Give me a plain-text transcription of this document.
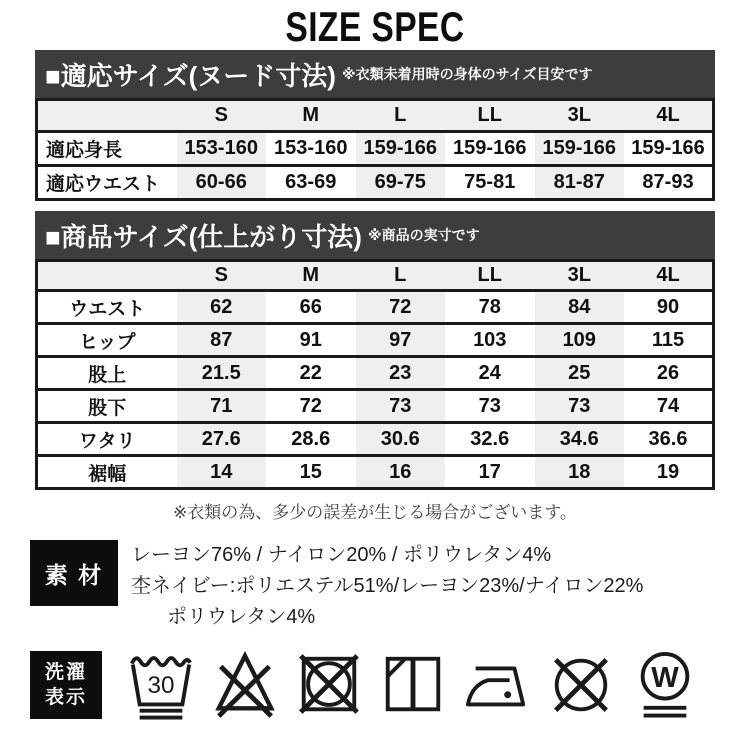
SIZE SPEC
■適応サイズ(ヌード寸法) ※衣類未着用時の身体のサイズ目安です
	S	M	L	LL	3L	4L
適応身長	153-160	153-160	159-166	159-166	159-166	159-166
適応ウエスト	60-66	63-69	69-75	75-81	81-87	87-93
■商品サイズ(仕上がり寸法) ※商品の実寸です
	S	M	L	LL	3L	4L
ウエスト	62	66	72	78	84	90
ヒップ	87	91	97	103	109	115
股上	21.5	22	23	24	25	26
股下	71	72	73	73	73	74
ワタリ	27.6	28.6	30.6	32.6	34.6	36.6
裾幅	14	15	16	17	18	19
※衣類の為、多少の誤差が生じる場合がございます。
素 材
レーヨン76% / ナイロン20% / ポリウレタン4%
杢ネイビー:ポリエステル51%/レーヨン23%/ナイロン22%
ポリウレタン4%
洗濯
表示 30	W
